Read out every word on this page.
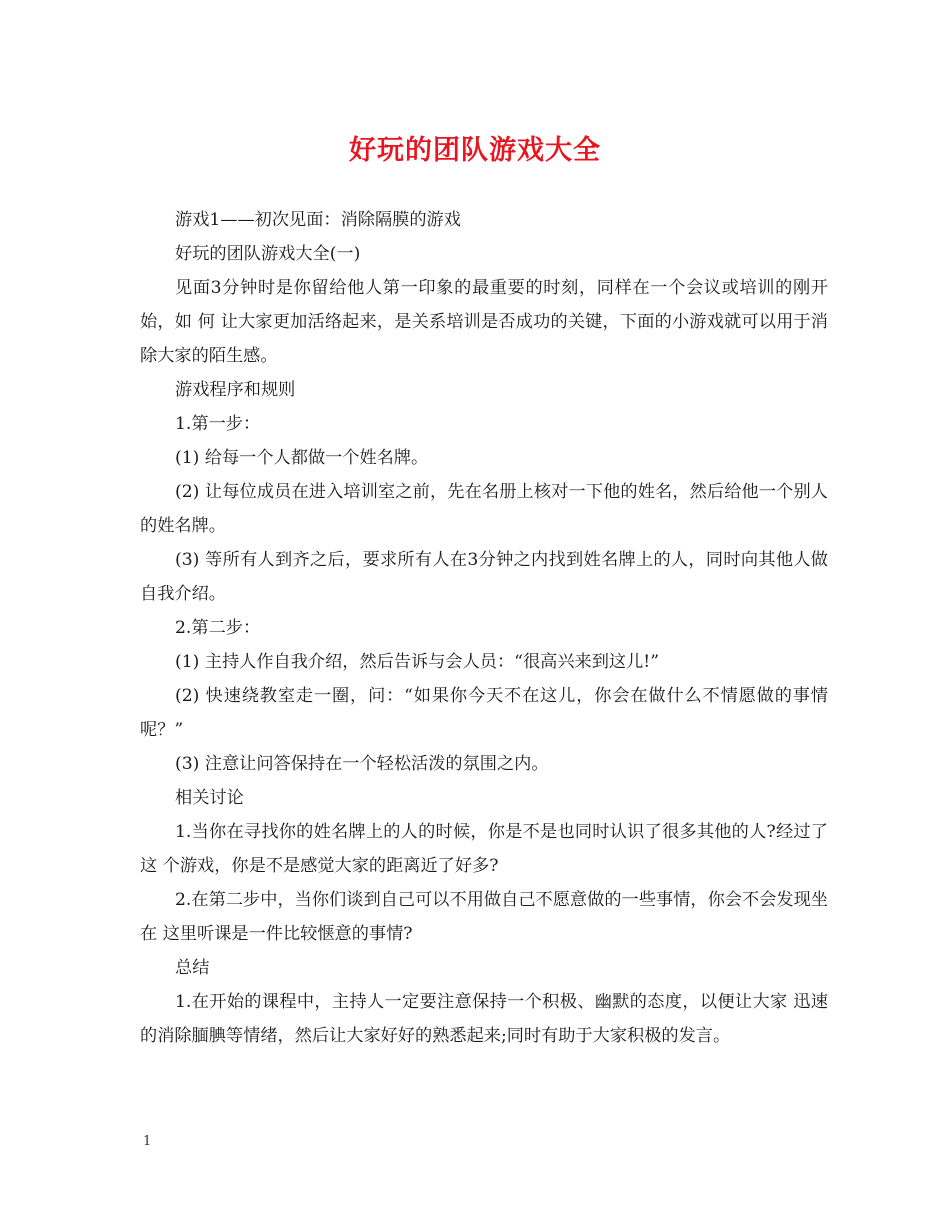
好玩的团队游戏大全

游戏1——初次见面：消除隔膜的游戏

好玩的团队游戏大全(一)

见面3分钟时是你留给他人第一印象的最重要的时刻，同样在一个会议或培训的刚开始，如 何 让大家更加活络起来，是关系培训是否成功的关键，下面的小游戏就可以用于消除大家的陌生感。

游戏程序和规则

1.第一步：

(1) 给每一个人都做一个姓名牌。

(2) 让每位成员在进入培训室之前，先在名册上核对一下他的姓名，然后给他一个别人的姓名牌。

(3) 等所有人到齐之后，要求所有人在3分钟之内找到姓名牌上的人，同时向其他人做自我介绍。

2.第二步：

(1) 主持人作自我介绍，然后告诉与会人员：“很高兴来到这儿!”

(2) 快速绕教室走一圈，问：“如果你今天不在这儿，你会在做什么不情愿做的事情呢？”

(3) 注意让问答保持在一个轻松活泼的氛围之内。

相关讨论

1.当你在寻找你的姓名牌上的人的时候，你是不是也同时认识了很多其他的人?经过了这 个游戏，你是不是感觉大家的距离近了好多?

2.在第二步中，当你们谈到自己可以不用做自己不愿意做的一些事情，你会不会发现坐在 这里听课是一件比较惬意的事情?

总结

1.在开始的课程中，主持人一定要注意保持一个积极、幽默的态度，以便让大家 迅速的消除腼腆等情绪，然后让大家好好的熟悉起来;同时有助于大家积极的发言。

1
